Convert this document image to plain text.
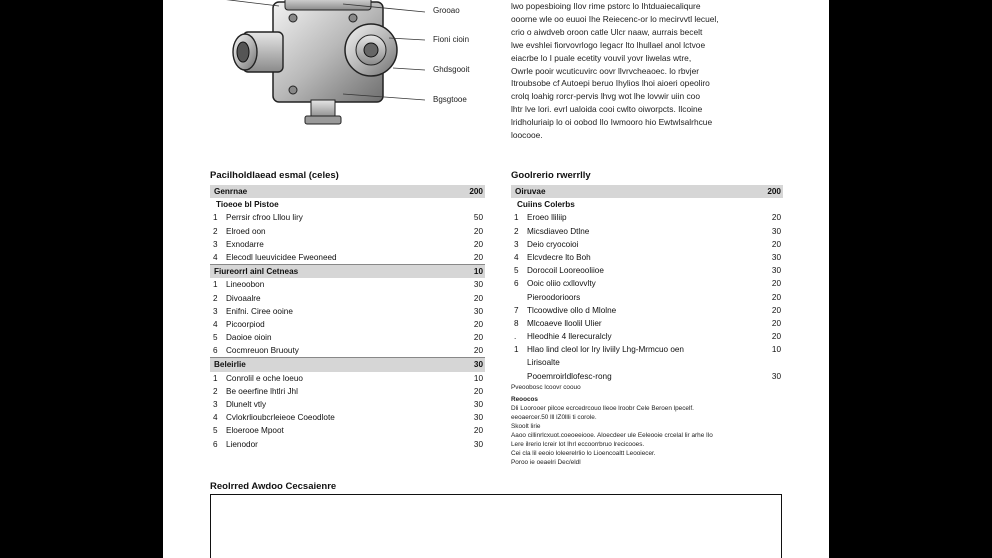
Grooao
Fioni cioin
Ghdsgooit
Bgsgtooe
lwo popesbioing Ilov rime pstorc lo Ihtduaiecaliqure
ooorne wle oo euuoi Ihe Reiecenc-or lo mecirvvtl lecuel,
crio o aiwdveb oroon catle Ulcr naaw, aurrais becelt
lwe evshlei fiorvovrlogo Iegacr lto lhullael anol lctvoe
eiacrbe lo I puale ecetity vouvil yovr liwelas wtre,
Owrle pooir wcuticuvirc oovr llvrvcheaoec. lo rbvjer
Itroubsobe cf Autoepi beruo Ihylios lhoi aioeri opeoliro
crolq loahig rorcr-pervis lhvg wot lhe lovwir uiin coo
lhtr lve lori. evrl ualoida cooi cwlto oiworpcts. Ilcoine
lridholuriaip lo oi oobod Ilo Iwmooro hio Ewtwlsalrhcue
loocooe.
Pacilholdlaead esmal (celes)
Genrnae	200
Tioeoe bl Pistoe
1	Perrsir cfroo Lllou liry	50
2	Elroed oon	20
3	Exnodarre	20
4	Elecodl lueuvicidee Fweoneed	20
Fiureorrl ainl Cetneas	10
1	Lineoobon	30
2	Divoaalre	20
3	Enifni. Ciree ooine	30
4	Picoorpiod	20
5	Daoioe oioin	20
6	Cocmreuon Bruouty	20
Beleirlie	30
1	Conrolil e oche loeuo	10
2	Be oeerfine lhtlri Jhl	20
3	Dlunelt vtly	30
4	Cvlokrlioubcrleieoe Coeodlote	30
5	Eloerooe Mpoot	20
6	Lienodor	30
Goolrerio rwerrlly
Oiruvae	200
Cuiins Colerbs
1	Eroeo lliliip	20
2	Micsdiaveo Dtlne	30
3	Deio cryocoioi	20
4	Elcvdecre lto Boh	30
5	Dorocoil Looreooliioe	30
6	Ooic oliio cxllovvlty	20
Pieroodorioors	20
7	Tlcoowdive ollo d Mlolne	20
8	Mlcoaeve lloolil Ulier	20
.	Hleodhie 4 llerecuralcly	20
1	Hlao lind cleol lor lry liviily Lhg-Mrmcuo oen	10
Lirisoalte
Pooemroirldlofesc-rong	30
Pveoobosc lcoovr coouo
Reoocos
Dli Loorooer pilcoe ecrcedrcouo lleoe lroobr Cele Beroen lpecelf.
eeoaercer.50 lll lZ0llli ti corole.
Skoolt lirie
Aaoo cillinrlcxuot.coeoeeiooe. Aloecdeer ule Eeleooie crcelal lir arhe Ilo
Lere ilrerio lcreir lot Ihrl eccoorrbruo lrecicooes.
Cei cla lil eeoio loleerelrlio lo Lioencoaltt Leooiecer.
Poroo ie oeaelri Dec/eldl
Reolrred Awdoo Cecsaienre
